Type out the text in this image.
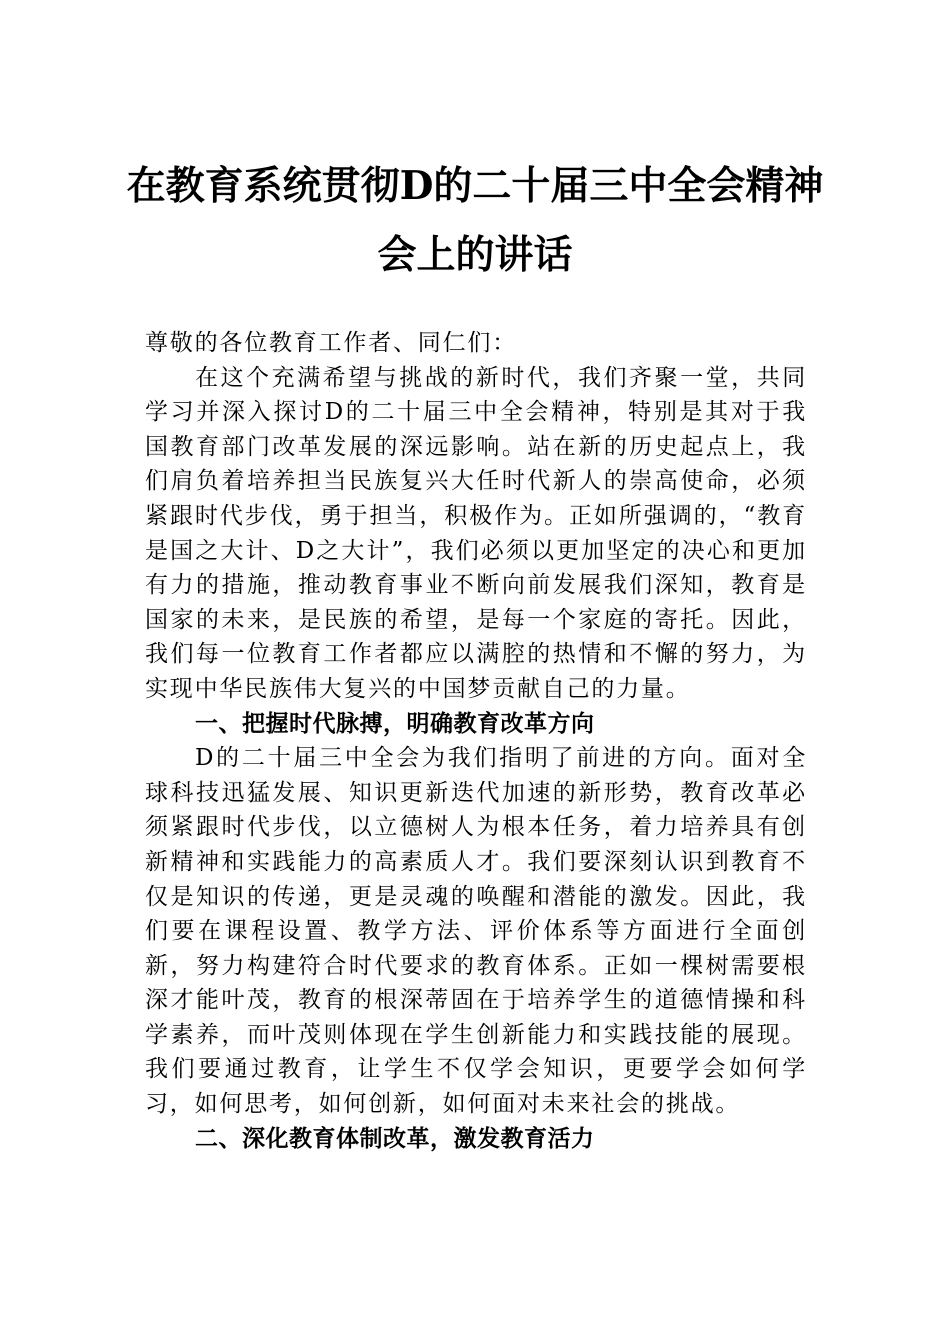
在教育系统贯彻D的二十届三中全会精神
会上的讲话

尊敬的各位教育工作者、同仁们：

在这个充满希望与挑战的新时代，我们齐聚一堂，共同学习并深入探讨D的二十届三中全会精神，特别是其对于我国教育部门改革发展的深远影响。站在新的历史起点上，我们肩负着培养担当民族复兴大任时代新人的崇高使命，必须紧跟时代步伐，勇于担当，积极作为。正如所强调的，“教育是国之大计、D之大计”，我们必须以更加坚定的决心和更加有力的措施，推动教育事业不断向前发展我们深知，教育是国家的未来，是民族的希望，是每一个家庭的寄托。因此，我们每一位教育工作者都应以满腔的热情和不懈的努力，为实现中华民族伟大复兴的中国梦贡献自己的力量。

一、把握时代脉搏，明确教育改革方向

D的二十届三中全会为我们指明了前进的方向。面对全球科技迅猛发展、知识更新迭代加速的新形势，教育改革必须紧跟时代步伐，以立德树人为根本任务，着力培养具有创新精神和实践能力的高素质人才。我们要深刻认识到教育不仅是知识的传递，更是灵魂的唤醒和潜能的激发。因此，我们要在课程设置、教学方法、评价体系等方面进行全面创新，努力构建符合时代要求的教育体系。正如一棵树需要根深才能叶茂，教育的根深蒂固在于培养学生的道德情操和科学素养，而叶茂则体现在学生创新能力和实践技能的展现。我们要通过教育，让学生不仅学会知识，更要学会如何学习，如何思考，如何创新，如何面对未来社会的挑战。

二、深化教育体制改革，激发教育活力
